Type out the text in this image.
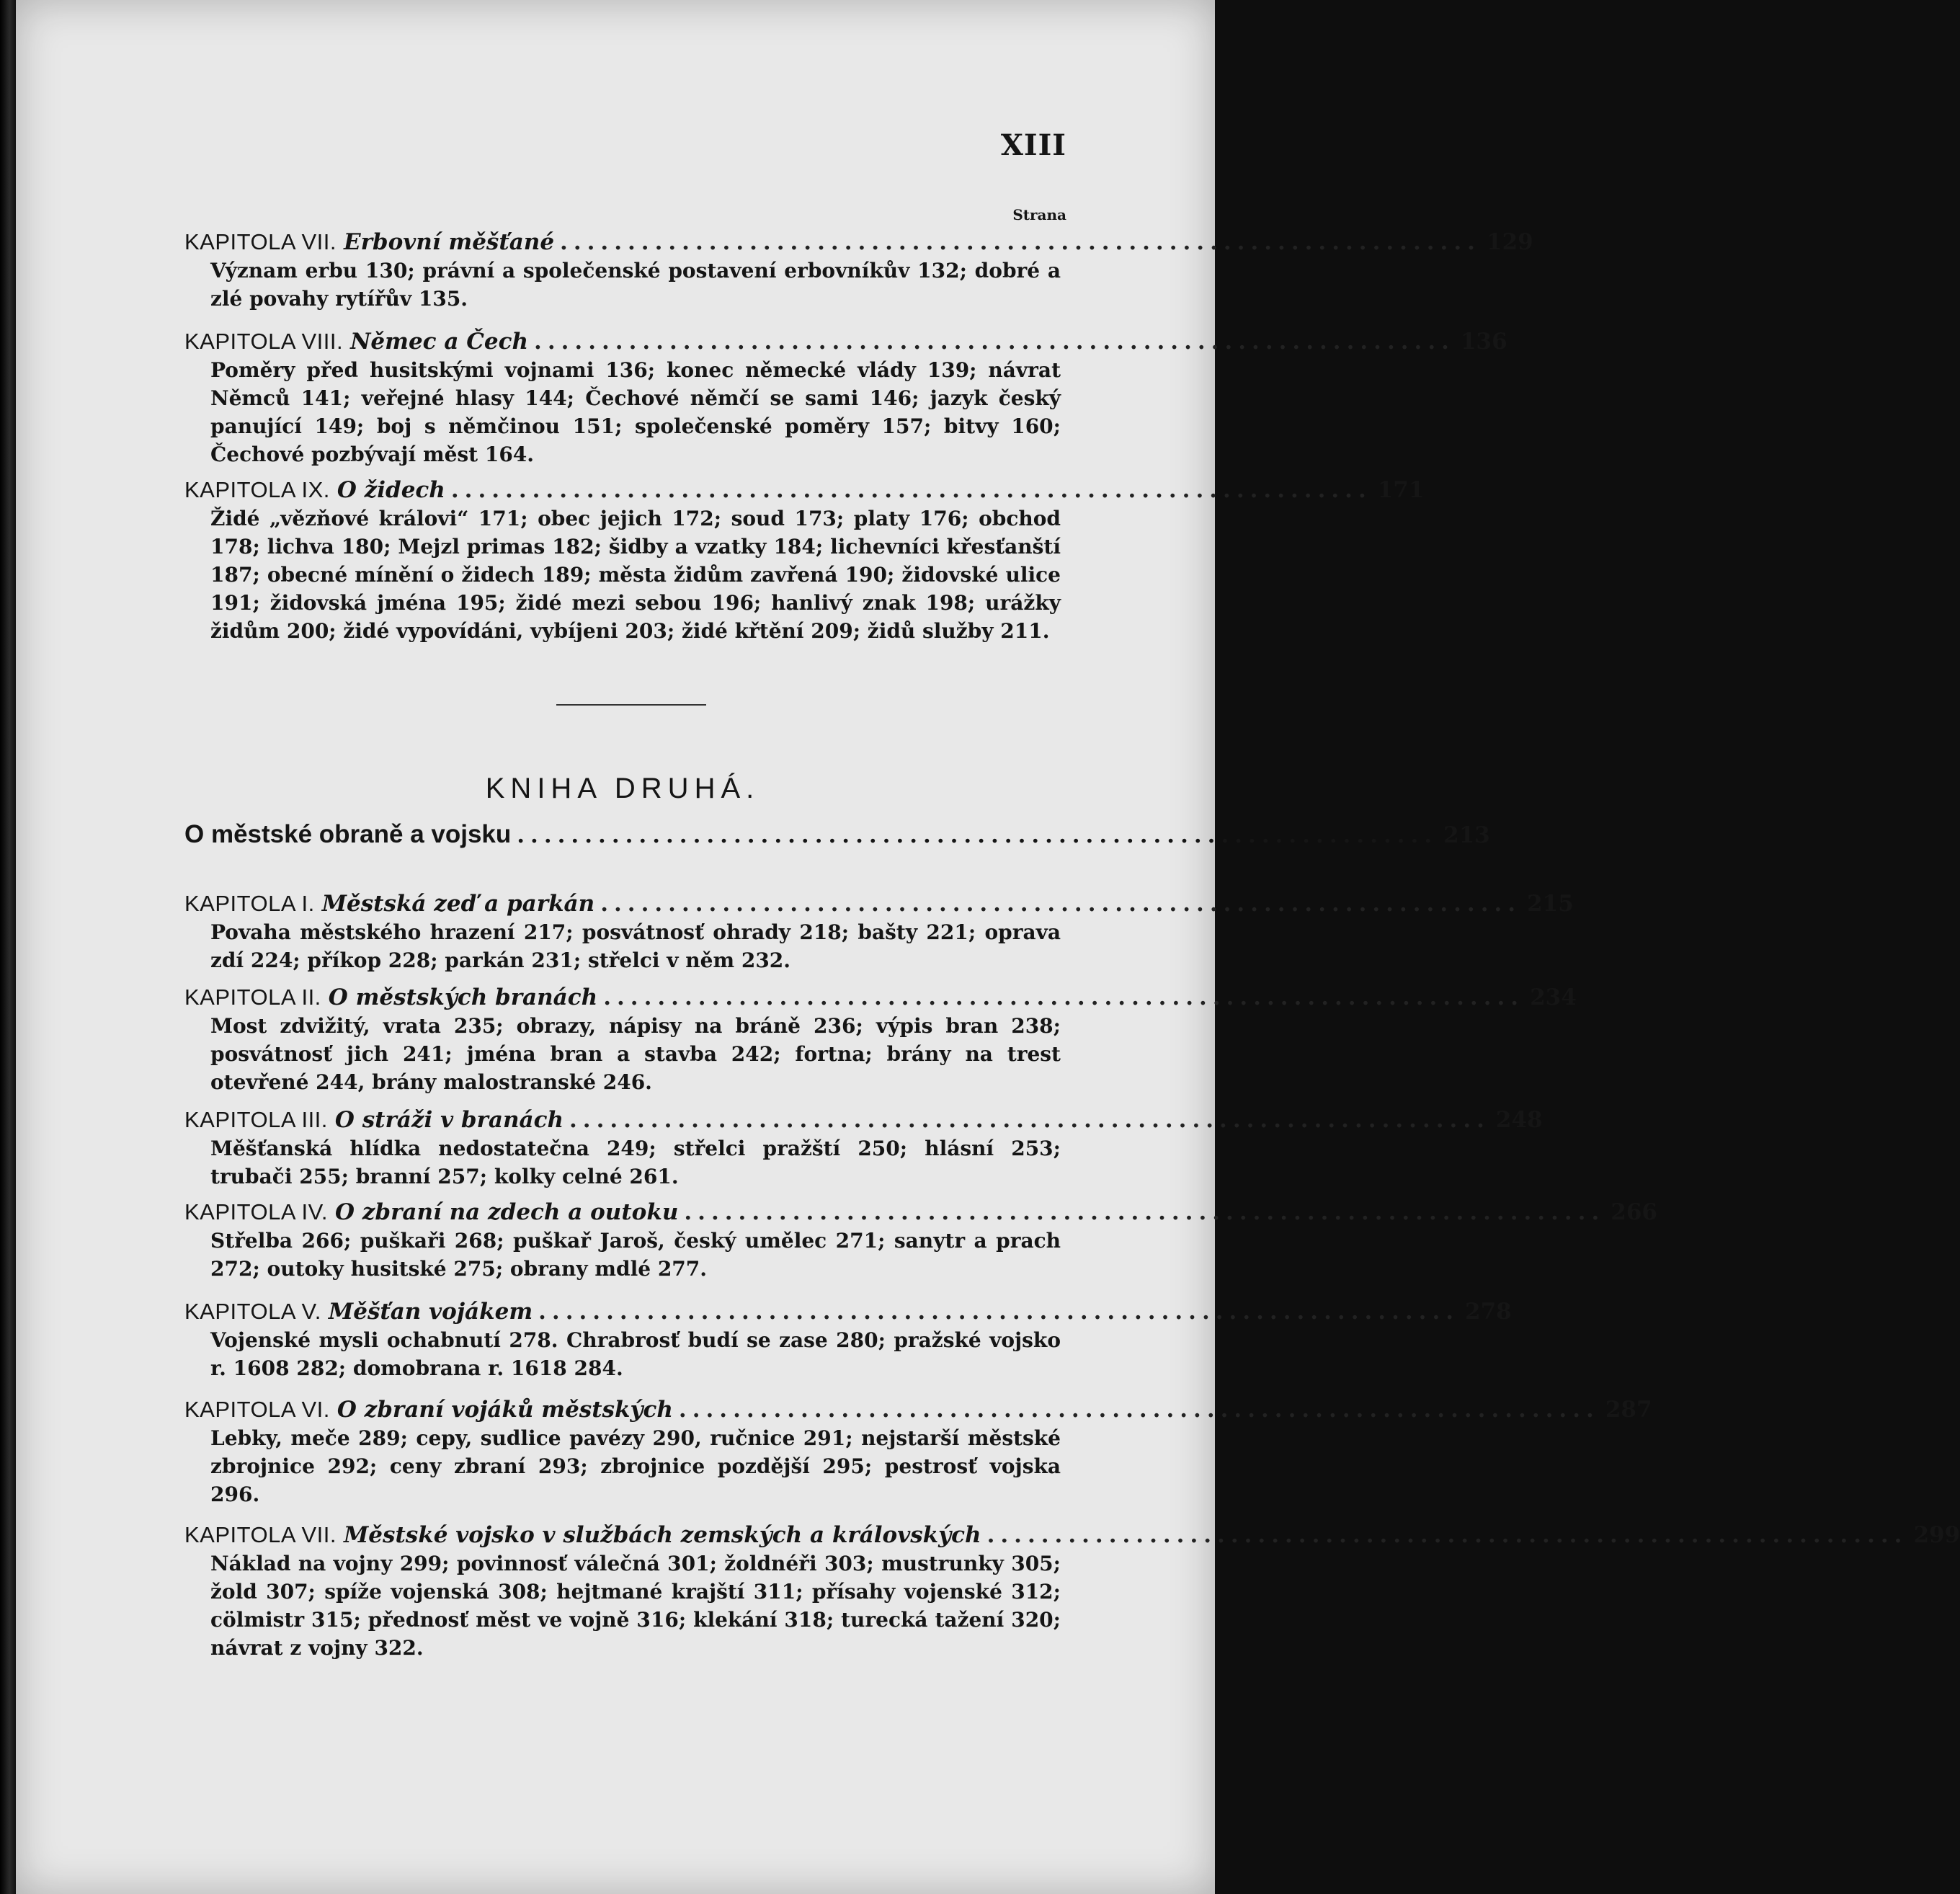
XIII
Strana
KAPITOLA VII. Erbovní měšťané .................................................................... 129
Význam erbu 130; právní a společenské postavení erbovníkův 132; dobré a zlé povahy rytířův 135.
KAPITOLA VIII. Němec a Čech .................................................................... 136
Poměry před husitskými vojnami 136; konec německé vlády 139; návrat Němců 141; veřejné hlasy 144; Čechové němčí se sami 146; jazyk český panující 149; boj s němčinou 151; společenské poměry 157; bitvy 160; Čechové pozbývají měst 164.
KAPITOLA IX. O židech .................................................................... 171
Židé „vězňové královi“ 171; obec jejich 172; soud 173; platy 176; obchod 178; lichva 180; Mejzl primas 182; šidby a vzatky 184; lichevníci křesťanští 187; obecné mínění o židech 189; města židům zavřená 190; židovské ulice 191; židovská jména 195; židé mezi sebou 196; hanlivý znak 198; urážky židům 200; židé vypovídáni, vybíjeni 203; židé křtění 209; židů služby 211.
KNIHA DRUHÁ.
O městské obraně a vojsku .................................................................... 213
KAPITOLA I. Městská zeď a parkán .................................................................... 215
Povaha městského hrazení 217; posvátnosť ohrady 218; bašty 221; oprava zdí 224; příkop 228; parkán 231; střelci v něm 232.
KAPITOLA II. O městských branách .................................................................... 234
Most zdvižitý, vrata 235; obrazy, nápisy na bráně 236; výpis bran 238; posvátnosť jich 241; jména bran a stavba 242; fortna; brány na trest otevřené 244, brány malostranské 246.
KAPITOLA III. O stráži v branách .................................................................... 248
Měšťanská hlídka nedostatečna 249; střelci pražští 250; hlásní 253; trubači 255; branní 257; kolky celné 261.
KAPITOLA IV. O zbraní na zdech a outoku .................................................................... 266
Střelba 266; puškaři 268; puškař Jaroš, český umělec 271; sanytr a prach 272; outoky husitské 275; obrany mdlé 277.
KAPITOLA V. Měšťan vojákem .................................................................... 278
Vojenské mysli ochabnutí 278. Chrabrosť budí se zase 280; pražské vojsko r. 1608 282; domobrana r. 1618 284.
KAPITOLA VI. O zbraní vojáků městských .................................................................... 287
Lebky, meče 289; cepy, sudlice pavézy 290, ručnice 291; nejstarší městské zbrojnice 292; ceny zbraní 293; zbrojnice pozdější 295; pestrosť vojska 296.
KAPITOLA VII. Městské vojsko v službách zemských a královských .................................................................... 299
Náklad na vojny 299; povinnosť válečná 301; žoldnéři 303; mustrunky 305; žold 307; spíže vojenská 308; hejtmané krajští 311; přísahy vojenské 312; cölmistr 315; přednosť měst ve vojně 316; klekání 318; turecká tažení 320; návrat z vojny 322.
